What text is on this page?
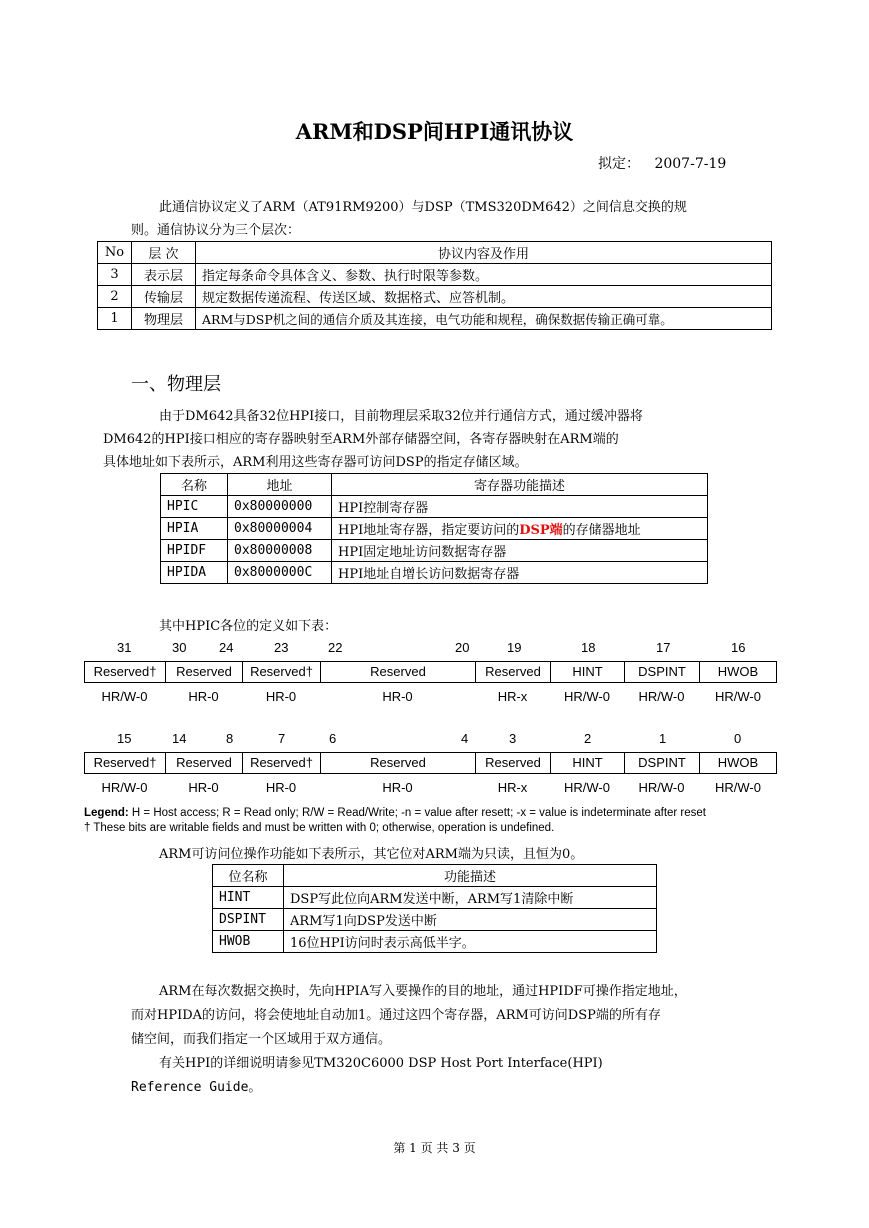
ARM和DSP间HPI通讯协议
拟定： 2007-7-19

此通信协议定义了ARM（AT91RM9200）与DSP（TMS320DM642）之间信息交换的规
则。通信协议分为三个层次：

No	层 次	协议内容及作用
3	表示层	指定每条命令具体含义、参数、执行时限等参数。
2	传输层	规定数据传递流程、传送区域、数据格式、应答机制。
1	物理层	ARM与DSP机之间的通信介质及其连接，电气功能和规程，确保数据传输正确可靠。
一、物理层

由于DM642具备32位HPI接口，目前物理层采取32位并行通信方式，通过缓冲器将
DM642的HPI接口相应的寄存器映射至ARM外部存储器空间，各寄存器映射在ARM端的
具体地址如下表所示，ARM利用这些寄存器可访问DSP的指定存储区域。

名称	地址	寄存器功能描述
HPIC	0x80000000	HPI控制寄存器
HPIA	0x80000004	HPI地址寄存器，指定要访问的DSP端的存储器地址
HPIDF	0x80000008	HPI固定地址访问数据寄存器
HPIDA	0x8000000C	HPI地址自增长访问数据寄存器
其中HPIC各位的定义如下表：
31	30	24	23	22	20	19	18	17	16
Reserved†	Reserved	Reserved†	Reserved	Reserved	HINT	DSPINT	HWOB
HR/W-0	HR-0	HR-0	HR-0	HR-x	HR/W-0	HR/W-0	HR/W-0
15	14	8	7	6	4	3	2	1	0
Reserved†	Reserved	Reserved†	Reserved	Reserved	HINT	DSPINT	HWOB
HR/W-0	HR-0	HR-0	HR-0	HR-x	HR/W-0	HR/W-0	HR/W-0
Legend: H = Host access; R = Read only; R/W = Read/Write; -n = value after resett; -x = value is indeterminate after reset
† These bits are writable fields and must be written with 0; otherwise, operation is undefined.
ARM可访问位操作功能如下表所示，其它位对ARM端为只读，且恒为0。
位名称	功能描述
HINT	DSP写此位向ARM发送中断，ARM写1清除中断
DSPINT	ARM写1向DSP发送中断
HWOB	16位HPI访问时表示高低半字。

ARM在每次数据交换时，先向HPIA写入要操作的目的地址，通过HPIDF可操作指定地址，
而对HPIDA的访问，将会使地址自动加1。通过这四个寄存器，ARM可访问DSP端的所有存
储空间，而我们指定一个区域用于双方通信。
有关HPI的详细说明请参见TM320C6000 DSP Host Port Interface(HPI)
Reference Guide。

第 1 页 共 3 页
